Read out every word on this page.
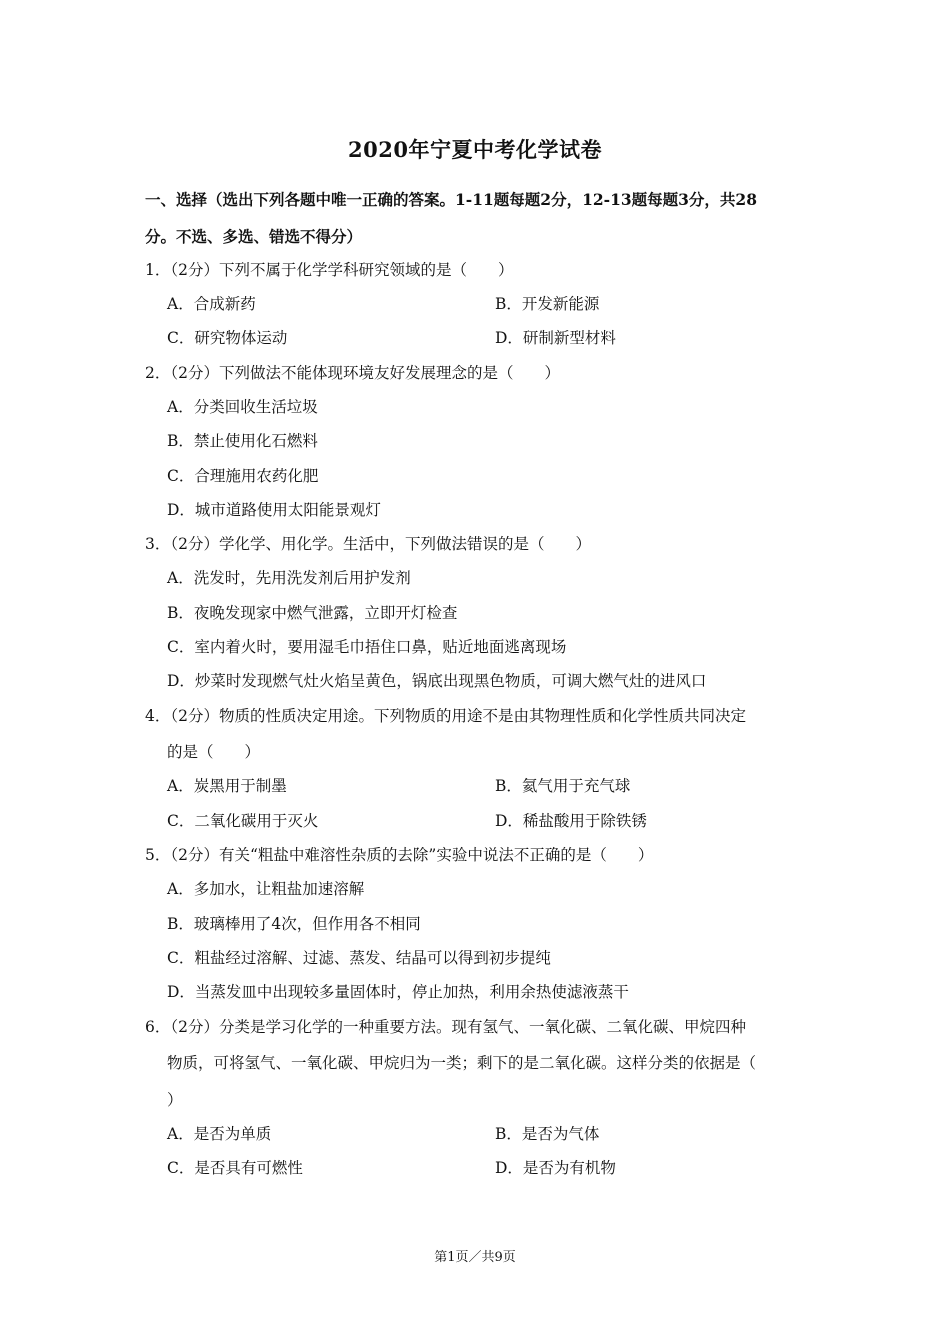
2020年宁夏中考化学试卷
一、选择（选出下列各题中唯一正确的答案。1-11题每题2分，12-13题每题3分，共28
分。不选、多选、错选不得分）
1．（2分）下列不属于化学学科研究领域的是（　　）
A．合成新药	B．开发新能源
C．研究物体运动	D．研制新型材料
2．（2分）下列做法不能体现环境友好发展理念的是（　　）
A．分类回收生活垃圾
B．禁止使用化石燃料
C．合理施用农药化肥
D．城市道路使用太阳能景观灯
3．（2分）学化学、用化学。生活中，下列做法错误的是（　　）
A．洗发时，先用洗发剂后用护发剂
B．夜晚发现家中燃气泄露，立即开灯检查
C．室内着火时，要用湿毛巾捂住口鼻，贴近地面逃离现场
D．炒菜时发现燃气灶火焰呈黄色，锅底出现黑色物质，可调大燃气灶的进风口
4．（2分）物质的性质决定用途。下列物质的用途不是由其物理性质和化学性质共同决定
的是（　　）
A．炭黑用于制墨	B．氦气用于充气球
C．二氧化碳用于灭火	D．稀盐酸用于除铁锈
5．（2分）有关“粗盐中难溶性杂质的去除”实验中说法不正确的是（　　）
A．多加水，让粗盐加速溶解
B．玻璃棒用了4次，但作用各不相同
C．粗盐经过溶解、过滤、蒸发、结晶可以得到初步提纯
D．当蒸发皿中出现较多量固体时，停止加热，利用余热使滤液蒸干
6．（2分）分类是学习化学的一种重要方法。现有氢气、一氧化碳、二氧化碳、甲烷四种
物质，可将氢气、一氧化碳、甲烷归为一类；剩下的是二氧化碳。这样分类的依据是（
）
A．是否为单质	B．是否为气体
C．是否具有可燃性	D．是否为有机物
第1页／共9页
